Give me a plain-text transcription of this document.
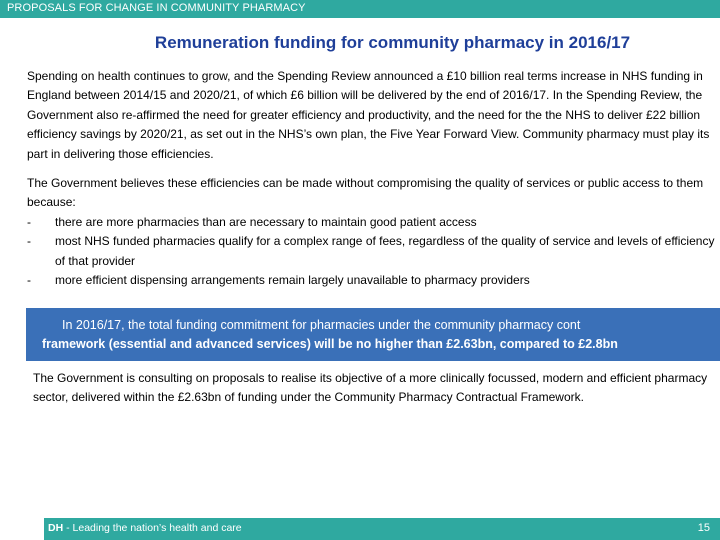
PROPOSALS FOR CHANGE IN COMMUNITY PHARMACY
Remuneration funding for community pharmacy in 2016/17
Spending on health continues to grow, and the Spending Review announced a £10 billion real terms increase in NHS funding in England between 2014/15 and 2020/21, of which £6 billion will be delivered by the end of 2016/17. In the Spending Review, the Government also re-affirmed the need for greater efficiency and productivity, and the need for the the NHS to deliver £22 billion efficiency savings by 2020/21, as set out in the NHS’s own plan, the Five Year Forward View. Community pharmacy must play its part in delivering those efficiencies.
The Government believes these efficiencies can be made without compromising the quality of services or public access to them because:
-	there are more pharmacies than are necessary to maintain good patient access
-	most NHS funded pharmacies qualify for a complex range of fees, regardless of the quality of service and levels of efficiency of that provider
-	more efficient dispensing arrangements remain largely unavailable to pharmacy providers
In 2016/17, the total funding commitment for pharmacies under the community pharmacy cont
framework (essential and advanced services) will be no higher than £2.63bn, compared to £2.8bn
The Government is consulting on proposals to realise its objective of a more clinically focussed, modern and efficient pharmacy sector, delivered within the £2.63bn of funding under the Community Pharmacy Contractual Framework.
DH - Leading the nation’s health and care	15
